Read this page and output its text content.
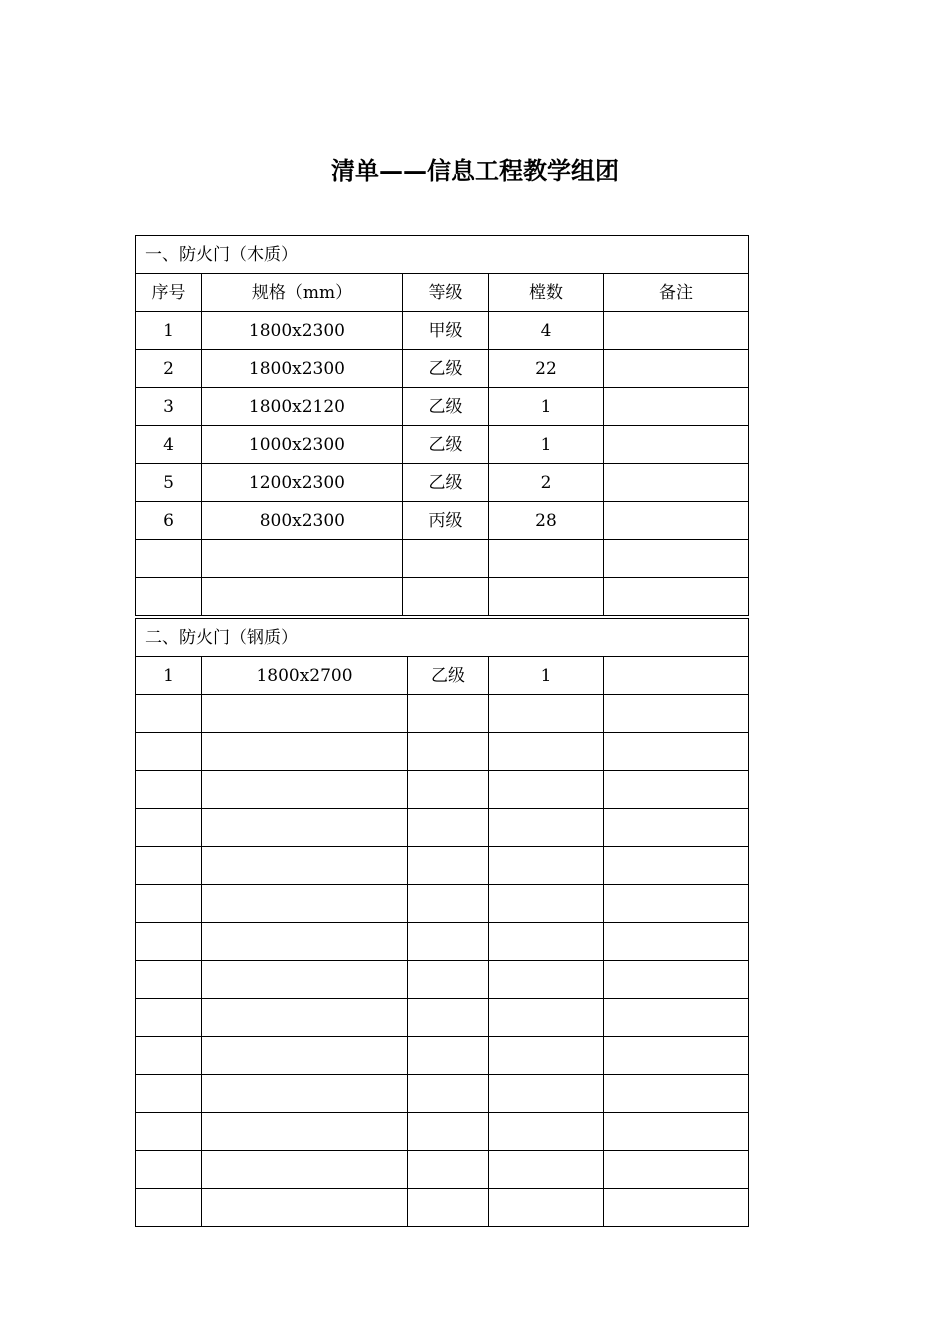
清单——信息工程教学组团
一、防火门（木质）				
序号	规格（mm）	等级	樘数	备注
1	1800x2300	甲级	4	
2	1800x2300	乙级	22	
3	1800x2120	乙级	1	
4	1000x2300	乙级	1	
5	1200x2300	乙级	2	
6	800x2300	丙级	28	

二、防火门（钢质）				
1	1800x2700	乙级	1	
